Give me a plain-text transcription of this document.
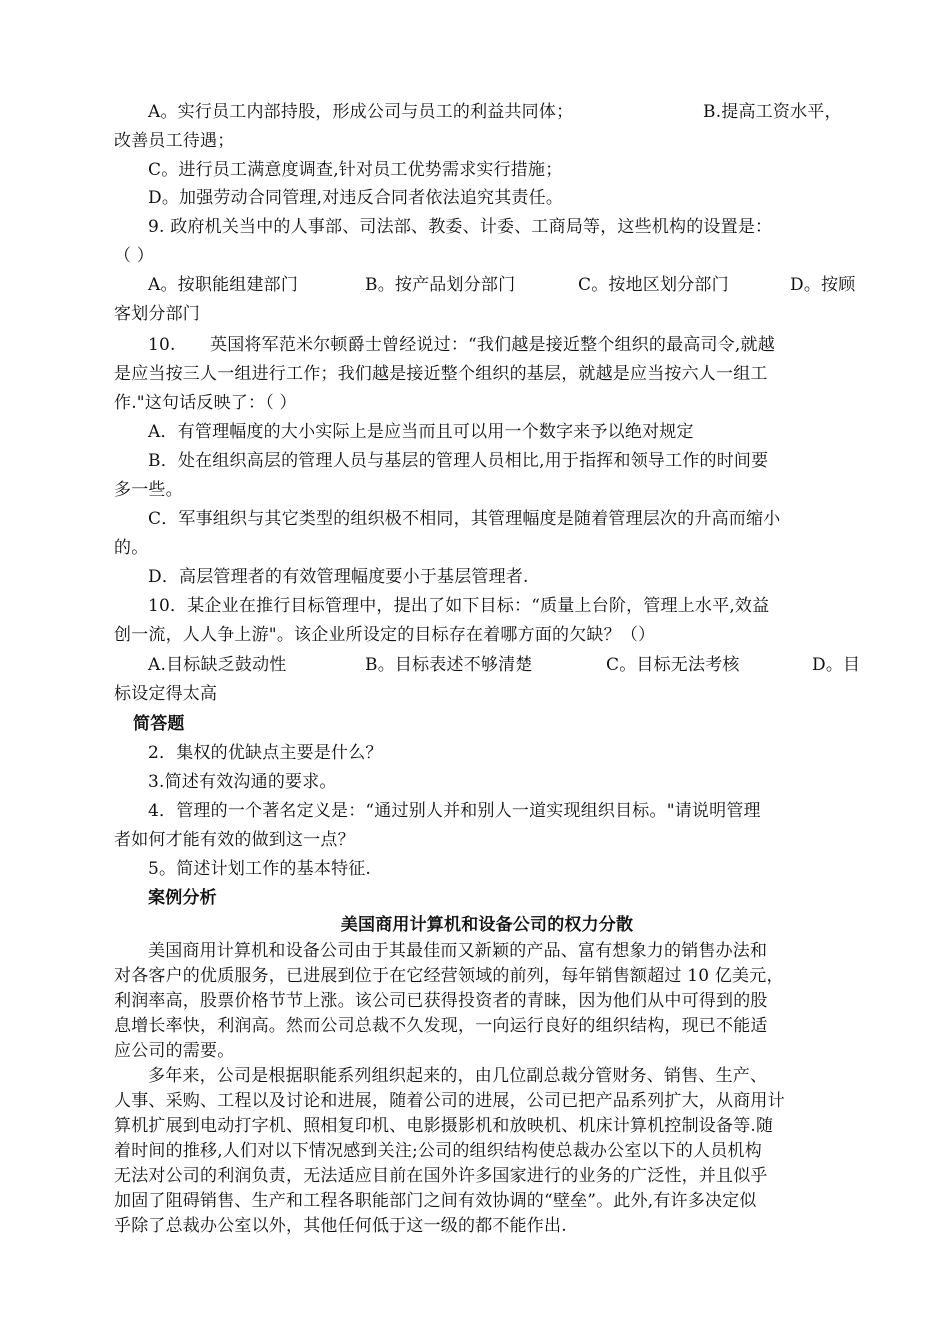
A。实行员工内部持股，形成公司与员工的利益共同体；	B.提高工资水平，
改善员工待遇；
C。进行员工满意度调查,针对员工优势需求实行措施；
D。加强劳动合同管理,对违反合同者依法追究其责任。
9. 政府机关当中的人事部、司法部、教委、计委、工商局等，这些机构的设置是：
（ ）
A。按职能组建部门	B。按产品划分部门	C。按地区划分部门	D。按顾
客划分部门
10.　　英国将军范米尔顿爵士曾经说过：“我们越是接近整个组织的最高司令,就越
是应当按三人一组进行工作；我们越是接近整个组织的基层，就越是应当按六人一组工
作."这句话反映了：（ ）
A．有管理幅度的大小实际上是应当而且可以用一个数字来予以绝对规定
B．处在组织高层的管理人员与基层的管理人员相比,用于指挥和领导工作的时间要
多一些。
C．军事组织与其它类型的组织极不相同，其管理幅度是随着管理层次的升高而缩小
的。
D．高层管理者的有效管理幅度要小于基层管理者.
10．某企业在推行目标管理中，提出了如下目标：“质量上台阶，管理上水平,效益
创一流，人人争上游"。该企业所设定的目标存在着哪方面的欠缺？（）
A.目标缺乏鼓动性	B。目标表述不够清楚	C。目标无法考核	D。目
标设定得太高
简答题
2．集权的优缺点主要是什么？
3.简述有效沟通的要求。
4．管理的一个著名定义是：“通过别人并和别人一道实现组织目标。"请说明管理
者如何才能有效的做到这一点？
5。简述计划工作的基本特征.
案例分析
美国商用计算机和设备公司的权力分散
美国商用计算机和设备公司由于其最佳而又新颖的产品、富有想象力的销售办法和
对各客户的优质服务，已进展到位于在它经营领域的前列，每年销售额超过 10 亿美元，
利润率高，股票价格节节上涨。该公司已获得投资者的青睐，因为他们从中可得到的股
息增长率快，利润高。然而公司总裁不久发现，一向运行良好的组织结构，现已不能适
应公司的需要。
多年来，公司是根据职能系列组织起来的，由几位副总裁分管财务、销售、生产、
人事、采购、工程以及讨论和进展，随着公司的进展，公司已把产品系列扩大，从商用计
算机扩展到电动打字机、照相复印机、电影摄影机和放映机、机床计算机控制设备等.随
着时间的推移,人们对以下情况感到关注;公司的组织结构使总裁办公室以下的人员机构
无法对公司的利润负责，无法适应目前在国外许多国家进行的业务的广泛性，并且似乎
加固了阻碍销售、生产和工程各职能部门之间有效协调的“壁垒”。此外,有许多决定似
乎除了总裁办公室以外，其他任何低于这一级的都不能作出.
